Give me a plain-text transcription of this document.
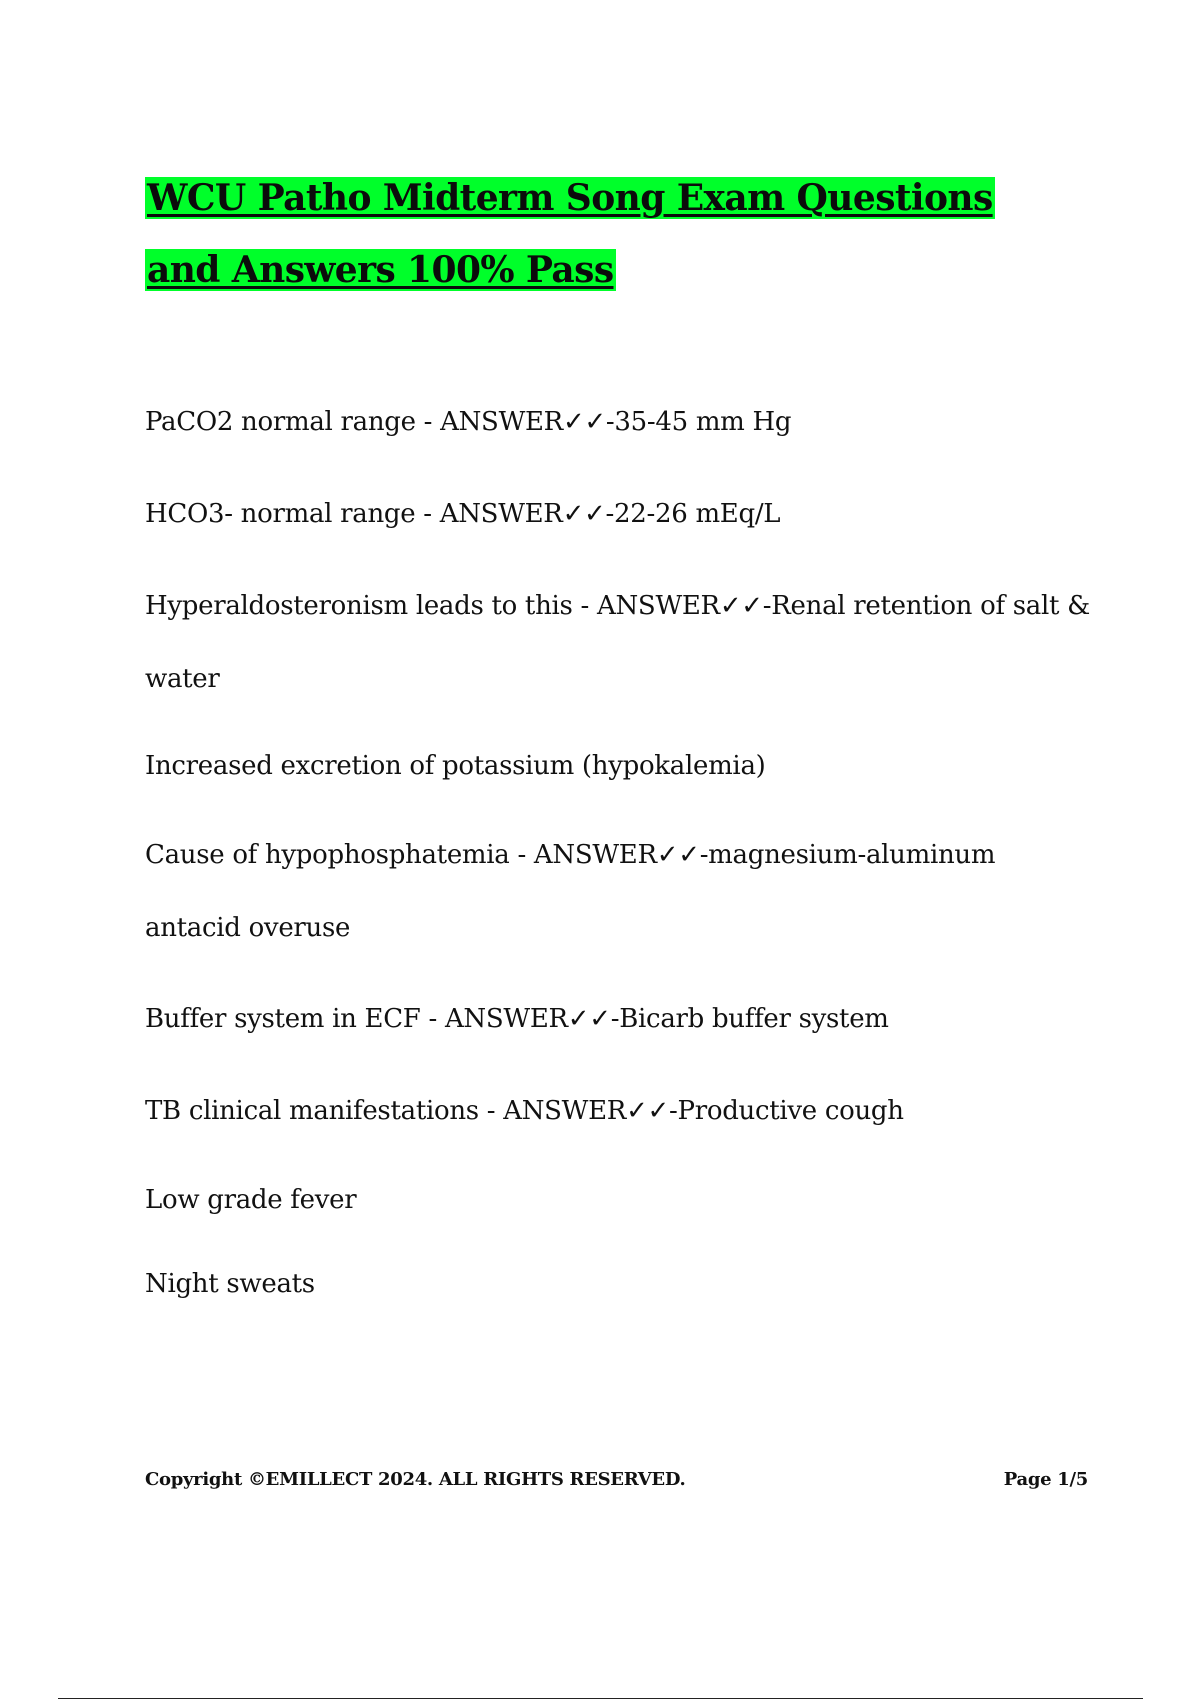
WCU Patho Midterm Song Exam Questions and Answers 100% Pass

PaCO2 normal range - ANSWER✓✓-35-45 mm Hg

HCO3- normal range - ANSWER✓✓-22-26 mEq/L

Hyperaldosteronism leads to this - ANSWER✓✓-Renal retention of salt &

water

Increased excretion of potassium (hypokalemia)

Cause of hypophosphatemia - ANSWER✓✓-magnesium-aluminum

antacid overuse

Buffer system in ECF - ANSWER✓✓-Bicarb buffer system

TB clinical manifestations - ANSWER✓✓-Productive cough

Low grade fever

Night sweats

Copyright ©EMILLECT 2024. ALL RIGHTS RESERVED.	Page 1/5
